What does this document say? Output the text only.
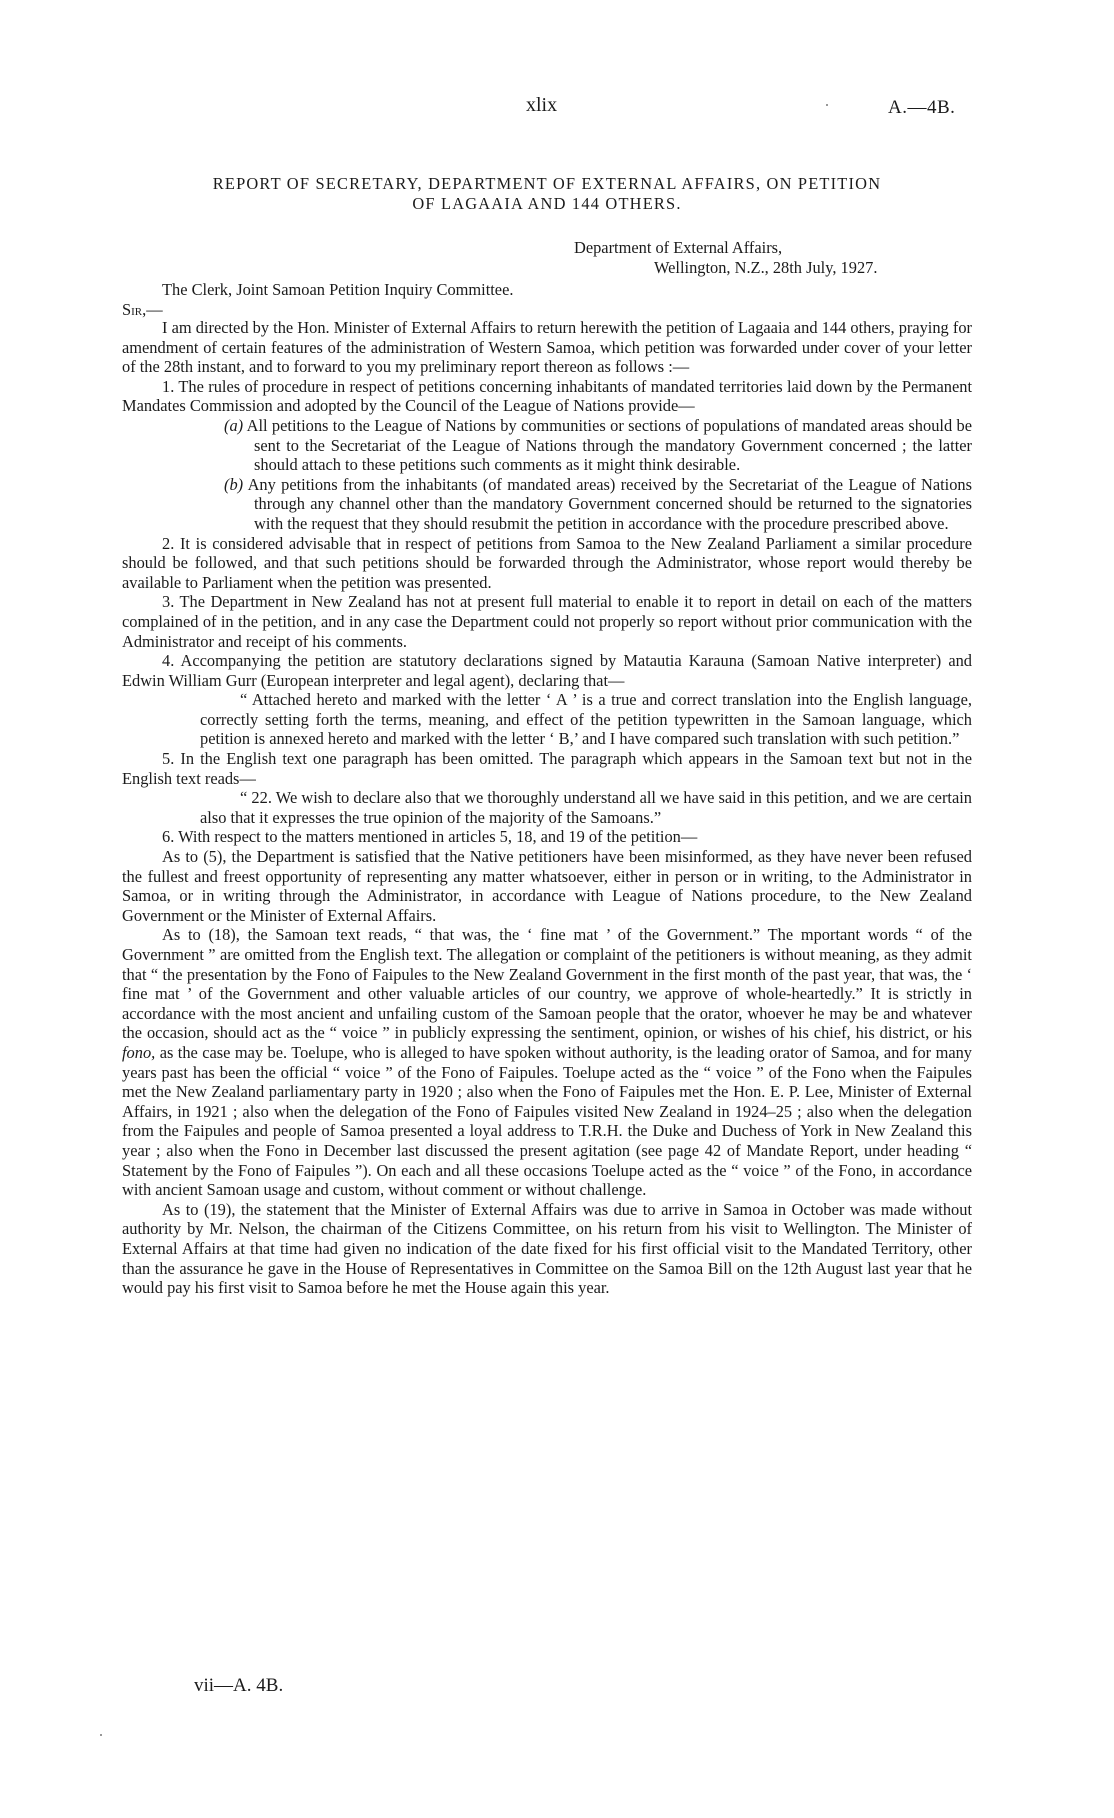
xlix	A.—4B.
REPORT OF SECRETARY, DEPARTMENT OF EXTERNAL AFFAIRS, ON PETITION
OF LAGAAIA AND 144 OTHERS.
Department of External Affairs,
Wellington, N.Z., 28th July, 1927.
The Clerk, Joint Samoan Petition Inquiry Committee.
Sir,—

I am directed by the Hon. Minister of External Affairs to return herewith the petition of Lagaaia and 144 others, praying for amendment of certain features of the administration of Western Samoa, which petition was forwarded under cover of your letter of the 28th instant, and to forward to you my preliminary report thereon as follows :—

1. The rules of procedure in respect of petitions concerning inhabitants of mandated territories laid down by the Permanent Mandates Commission and adopted by the Council of the League of Nations provide—

(a) All petitions to the League of Nations by communities or sections of populations of mandated areas should be sent to the Secretariat of the League of Nations through the mandatory Government concerned ; the latter should attach to these petitions such comments as it might think desirable.

(b) Any petitions from the inhabitants (of mandated areas) received by the Secretariat of the League of Nations through any channel other than the mandatory Government concerned should be returned to the signatories with the request that they should resubmit the petition in accordance with the procedure prescribed above.

2. It is considered advisable that in respect of petitions from Samoa to the New Zealand Parliament a similar procedure should be followed, and that such petitions should be forwarded through the Administrator, whose report would thereby be available to Parliament when the petition was presented.

3. The Department in New Zealand has not at present full material to enable it to report in detail on each of the matters complained of in the petition, and in any case the Department could not properly so report without prior communication with the Administrator and receipt of his comments.

4. Accompanying the petition are statutory declarations signed by Matautia Karauna (Samoan Native interpreter) and Edwin William Gurr (European interpreter and legal agent), declaring that—

“ Attached hereto and marked with the letter ‘ A ’ is a true and correct translation into the English language, correctly setting forth the terms, meaning, and effect of the petition typewritten in the Samoan language, which petition is annexed hereto and marked with the letter ‘ B,’ and I have compared such translation with such petition.”

5. In the English text one paragraph has been omitted. The paragraph which appears in the Samoan text but not in the English text reads—

“ 22. We wish to declare also that we thoroughly understand all we have said in this petition, and we are certain also that it expresses the true opinion of the majority of the Samoans.”

6. With respect to the matters mentioned in articles 5, 18, and 19 of the petition—

As to (5), the Department is satisfied that the Native petitioners have been misinformed, as they have never been refused the fullest and freest opportunity of representing any matter whatsoever, either in person or in writing, to the Administrator in Samoa, or in writing through the Administrator, in accordance with League of Nations procedure, to the New Zealand Government or the Minister of External Affairs.

As to (18), the Samoan text reads, “ that was, the ‘ fine mat ’ of the Government.” The mportant words “ of the Government ” are omitted from the English text. The allegation or complaint of the petitioners is without meaning, as they admit that “ the presentation by the Fono of Faipules to the New Zealand Government in the first month of the past year, that was, the ‘ fine mat ’ of the Government and other valuable articles of our country, we approve of whole-heartedly.” It is strictly in accordance with the most ancient and unfailing custom of the Samoan people that the orator, whoever he may be and whatever the occasion, should act as the “ voice ” in publicly expressing the sentiment, opinion, or wishes of his chief, his district, or his fono, as the case may be. Toelupe, who is alleged to have spoken without authority, is the leading orator of Samoa, and for many years past has been the official “ voice ” of the Fono of Faipules. Toelupe acted as the “ voice ” of the Fono when the Faipules met the New Zealand parliamentary party in 1920 ; also when the Fono of Faipules met the Hon. E. P. Lee, Minister of External Affairs, in 1921 ; also when the delegation of the Fono of Faipules visited New Zealand in 1924–25 ; also when the delegation from the Faipules and people of Samoa presented a loyal address to T.R.H. the Duke and Duchess of York in New Zealand this year ; also when the Fono in December last discussed the present agitation (see page 42 of Mandate Report, under heading “ Statement by the Fono of Faipules ”). On each and all these occasions Toelupe acted as the “ voice ” of the Fono, in accordance with ancient Samoan usage and custom, without comment or without challenge.

As to (19), the statement that the Minister of External Affairs was due to arrive in Samoa in October was made without authority by Mr. Nelson, the chairman of the Citizens Committee, on his return from his visit to Wellington. The Minister of External Affairs at that time had given no indication of the date fixed for his first official visit to the Mandated Territory, other than the assurance he gave in the House of Representatives in Committee on the Samoa Bill on the 12th August last year that he would pay his first visit to Samoa before he met the House again this year.

vii—A. 4B.
